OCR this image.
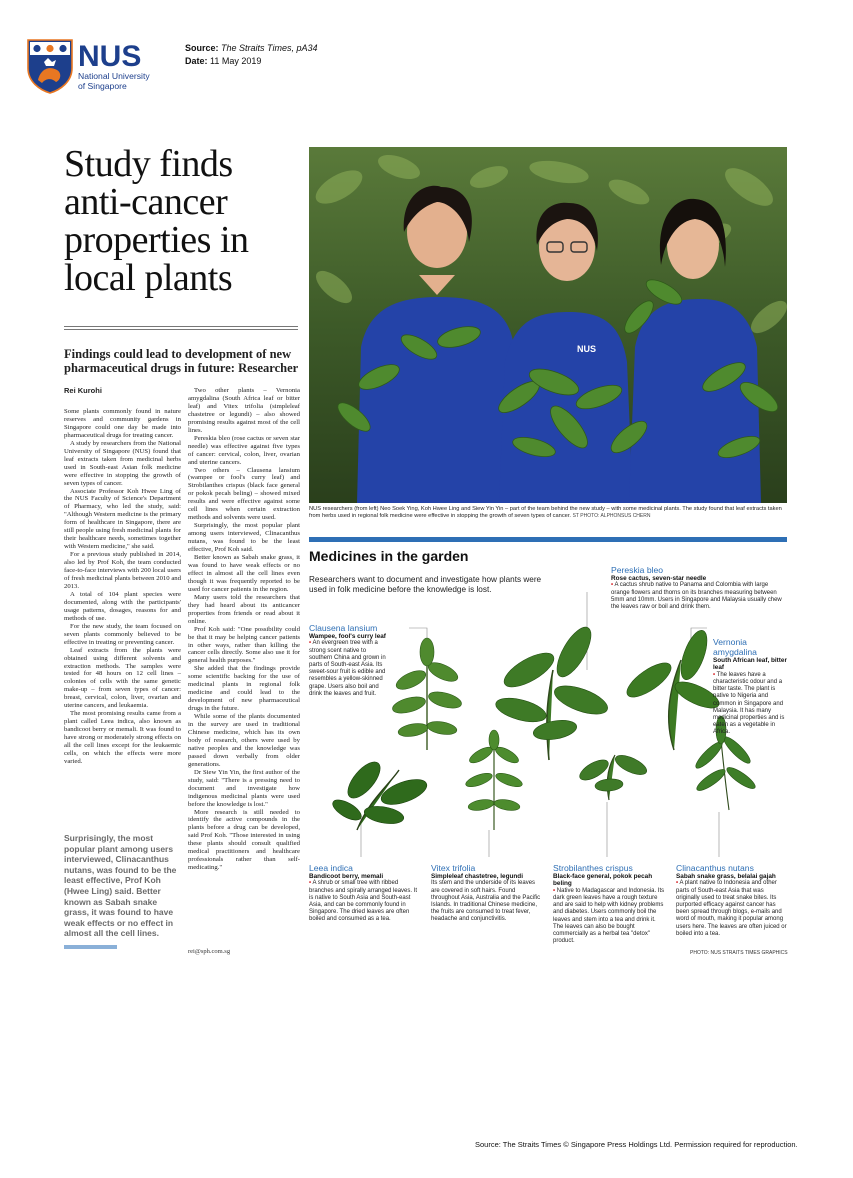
NUS
National University
of Singapore
Source: The Straits Times, pA34
Date: 11 May 2019
Study finds
anti-cancer
properties in
local plants
Findings could lead to development of new pharmaceutical drugs in future: Researcher
Rei Kurohi

Some plants commonly found in nature reserves and community gardens in Singapore could one day be made into pharmaceutical drugs for treating cancer.

A study by researchers from the National University of Singapore (NUS) found that leaf extracts taken from medicinal herbs used in South-east Asian folk medicine were effective in stopping the growth of seven types of cancer.

Associate Professor Koh Hwee Ling of the NUS Faculty of Science's Department of Pharmacy, who led the study, said: "Although Western medicine is the primary form of healthcare in Singapore, there are still people using fresh medicinal plants for their healthcare needs, sometimes together with Western medicine," she said.

For a previous study published in 2014, also led by Prof Koh, the team conducted face-to-face interviews with 200 local users of fresh medicinal plants between 2010 and 2013.

A total of 104 plant species were documented, along with the participants' usage patterns, dosages, reasons for and methods of use.

For the new study, the team focused on seven plants commonly believed to be effective in treating or preventing cancer.

Leaf extracts from the plants were obtained using different solvents and extraction methods. The samples were tested for 48 hours on 12 cell lines – colonies of cells with the same genetic make-up – from seven types of cancer: breast, cervical, colon, liver, ovarian and uterine cancers, and leukaemia.

The most promising results came from a plant called Leea indica, also known as bandicoot berry or memali. It was found to have strong or moderately strong effects on all the cell lines except for the leukaemic cells, on which the effects were more varied.

Two other plants – Vernonia amygdalina (South Africa leaf or bitter leaf) and Vitex trifolia (simpleleaf chastetree or legundi) – also showed promising results against most of the cell lines.

Pereskia bleo (rose cactus or seven star needle) was effective against five types of cancer: cervical, colon, liver, ovarian and uterine cancers.

Two others – Clausena lansium (wampee or fool's curry leaf) and Strobilanthes crispus (black face general or pokok pecah beling) – showed mixed results and were effective against some cell lines when certain extraction methods and solvents were used.

Surprisingly, the most popular plant among users interviewed, Clinacanthus nutans, was found to be the least effective, Prof Koh said.

Better known as Sabah snake grass, it was found to have weak effects or no effect in almost all the cell lines even though it was frequently reported to be used for cancer patients in the region.

Many users told the researchers that they had heard about its anticancer properties from friends or read about it online.

Prof Koh said: "One possibility could be that it may be helping cancer patients in other ways, rather than killing the cancer cells directly. Some also use it for general health purposes."

She added that the findings provide some scientific backing for the use of medicinal plants in regional folk medicine and could lead to the development of new pharmaceutical drugs in the future.

While some of the plants documented in the survey are used in traditional Chinese medicine, which has its own body of research, others were used by native peoples and the knowledge was passed down verbally from older generations.

Dr Siew Yin Yin, the first author of the study, said: "There is a pressing need to document and investigate how indigenous medicinal plants were used before the knowledge is lost."

More research is still needed to identify the active compounds in the plants before a drug can be developed, said Prof Koh. "Those interested in using these plants should consult qualified medical practitioners and healthcare professionals rather than self-medicating."

Surprisingly, the most popular plant among users interviewed, Clinacanthus nutans, was found to be the least effective, Prof Koh (Hwee Ling) said. Better known as Sabah snake grass, it was found to have weak effects or no effect in almost all the cell lines.
rei@sph.com.sg
NUS
NUS researchers (from left) Neo Soek Ying, Koh Hwee Ling and Siew Yin Yin – part of the team behind the new study – with some medicinal plants. The study found that leaf extracts taken from herbs used in regional folk medicine were effective in stopping the growth of seven types of cancer. ST PHOTO: ALPHONSUS CHERN
Medicines in the garden
Researchers want to document and investigate how plants were used in folk medicine before the knowledge is lost.
Pereskia bleo
Rose cactus, seven-star needle
• A cactus shrub native to Panama and Colombia with large orange flowers and thorns on its branches measuring between 5mm and 10mm. Users in Singapore and Malaysia usually chew the leaves raw or boil and drink them.
Clausena lansium
Wampee, fool's curry leaf
• An evergreen tree with a strong scent native to southern China and grown in parts of South-east Asia. Its sweet-sour fruit is edible and resembles a yellow-skinned grape. Users also boil and drink the leaves and fruit.
Vernonia amygdalina
South African leaf, bitter leaf
• The leaves have a characteristic odour and a bitter taste. The plant is native to Nigeria and common in Singapore and Malaysia. It has many medicinal properties and is eaten as a vegetable in Africa.
Leea indica
Bandicoot berry, memali
• A shrub or small tree with ribbed branches and spirally arranged leaves. It is native to South Asia and South-east Asia, and can be commonly found in Singapore. The dried leaves are often boiled and consumed as a tea.
Vitex trifolia
Simpleleaf chastetree, legundi
Its stem and the underside of its leaves are covered in soft hairs. Found throughout Asia, Australia and the Pacific Islands. In traditional Chinese medicine, the fruits are consumed to treat fever, headache and conjunctivitis.
Strobilanthes crispus
Black-face general, pokok pecah beling
• Native to Madagascar and Indonesia. Its dark green leaves have a rough texture and are said to help with kidney problems and diabetes. Users commonly boil the leaves and stem into a tea and drink it. The leaves can also be bought commercially as a herbal tea "detox" product.
Clinacanthus nutans
Sabah snake grass, belalai gajah
• A plant native to Indonesia and other parts of South-east Asia that was originally used to treat snake bites. Its purported efficacy against cancer has been spread through blogs, e-mails and word of mouth, making it popular among users here. The leaves are often juiced or boiled into a tea.
PHOTO: NUS STRAITS TIMES GRAPHICS
Source: The Straits Times © Singapore Press Holdings Ltd. Permission required for reproduction.
